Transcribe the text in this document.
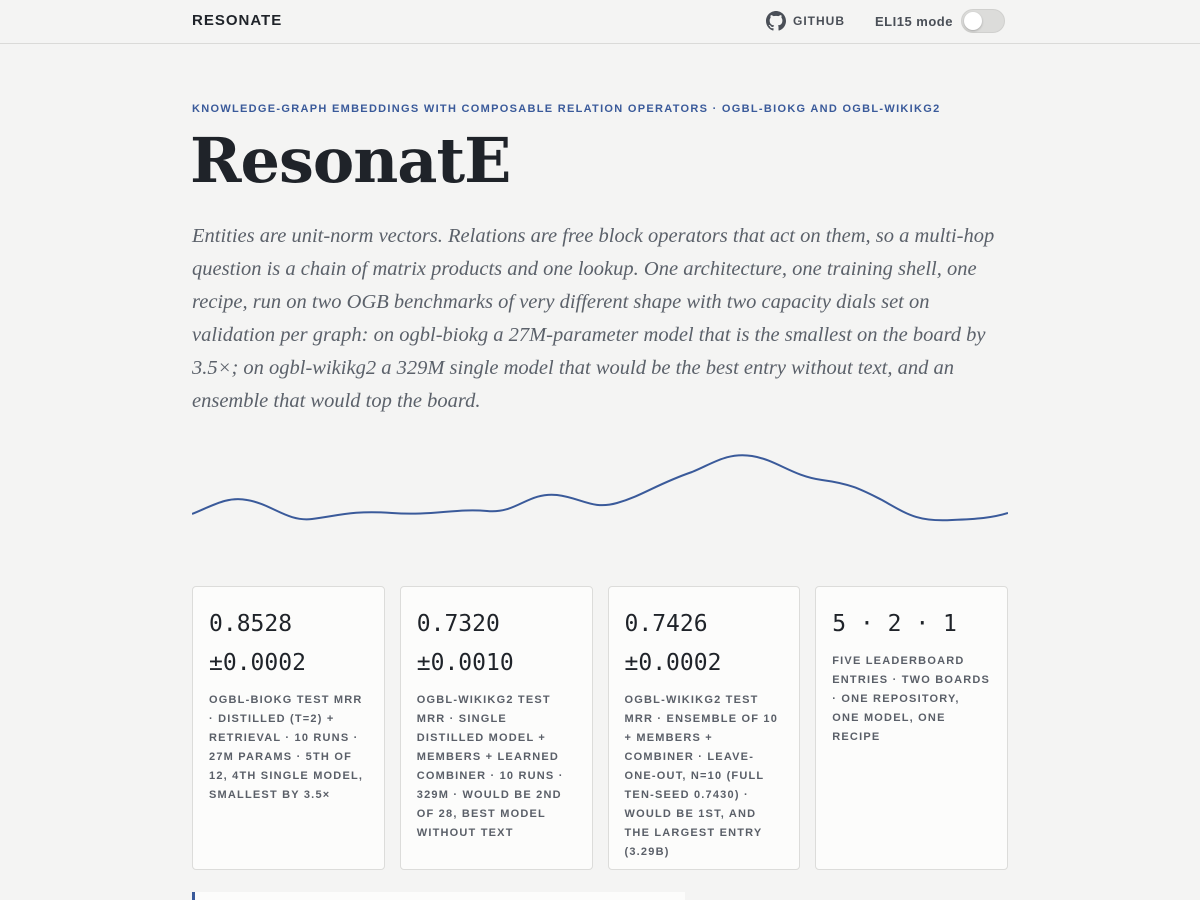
RESONATE	GITHUB ELI15 mode
KNOWLEDGE-GRAPH EMBEDDINGS WITH COMPOSABLE RELATION OPERATORS · OGBL-BIOKG AND OGBL-WIKIKG2
ResonatE
Entities are unit-norm vectors. Relations are free block operators that act on them, so a multi-hop question is a chain of matrix products and one lookup. One architecture, one training shell, one recipe, run on two OGB benchmarks of very different shape with two capacity dials set on validation per graph: on ogbl-biokg a 27M-parameter model that is the smallest on the board by 3.5×; on ogbl-wikikg2 a 329M single model that would be the best entry without text, and an ensemble that would top the board.
0.8528
±0.0002
OGBL-BIOKG TEST MRR · DISTILLED (T=2) + RETRIEVAL · 10 RUNS · 27M PARAMS · 5TH OF 12, 4TH SINGLE MODEL, SMALLEST BY 3.5×
0.7320
±0.0010
OGBL-WIKIKG2 TEST MRR · SINGLE DISTILLED MODEL + MEMBERS + LEARNED COMBINER · 10 RUNS · 329M · WOULD BE 2ND OF 28, BEST MODEL WITHOUT TEXT
0.7426
±0.0002
OGBL-WIKIKG2 TEST MRR · ENSEMBLE OF 10 + MEMBERS + COMBINER · LEAVE-ONE-OUT, N=10 (FULL TEN-SEED 0.7430) · WOULD BE 1ST, AND THE LARGEST ENTRY (3.29B)
5 · 2 · 1
FIVE LEADERBOARD ENTRIES · TWO BOARDS · ONE REPOSITORY, ONE MODEL, ONE RECIPE
